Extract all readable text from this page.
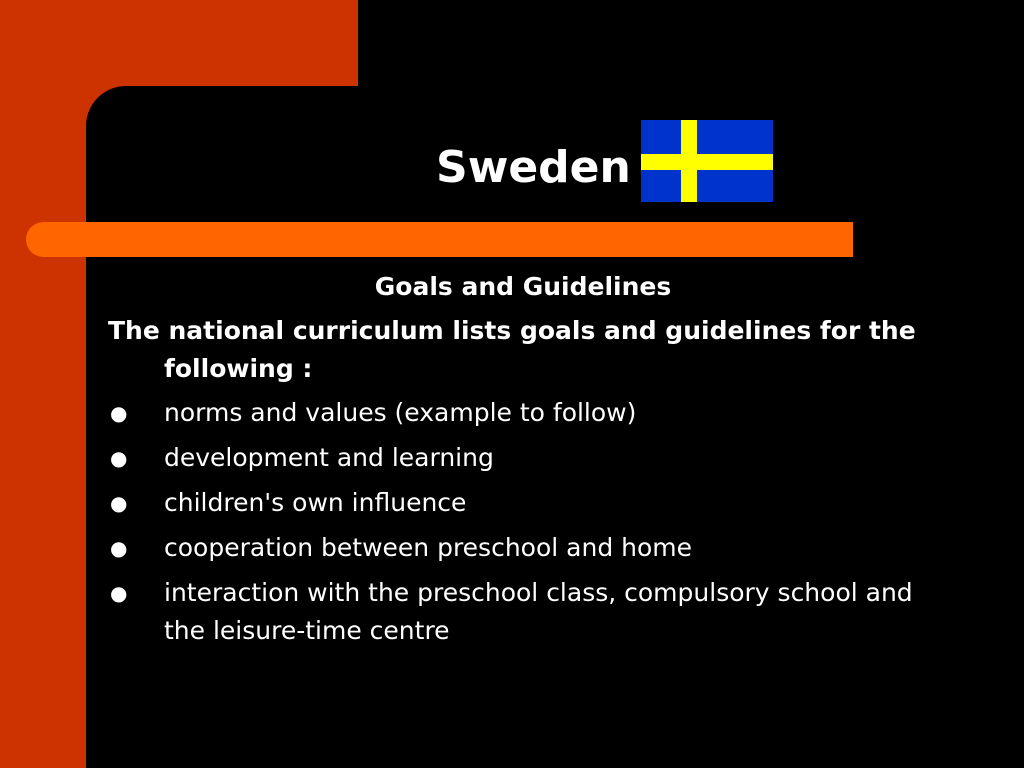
Sweden
Goals and Guidelines
The national curriculum lists goals and guidelines for the following :
● norms and values (example to follow)
● development and learning
● children's own influence
● cooperation between preschool and home
● interaction with the preschool class, compulsory school and the leisure-time centre
